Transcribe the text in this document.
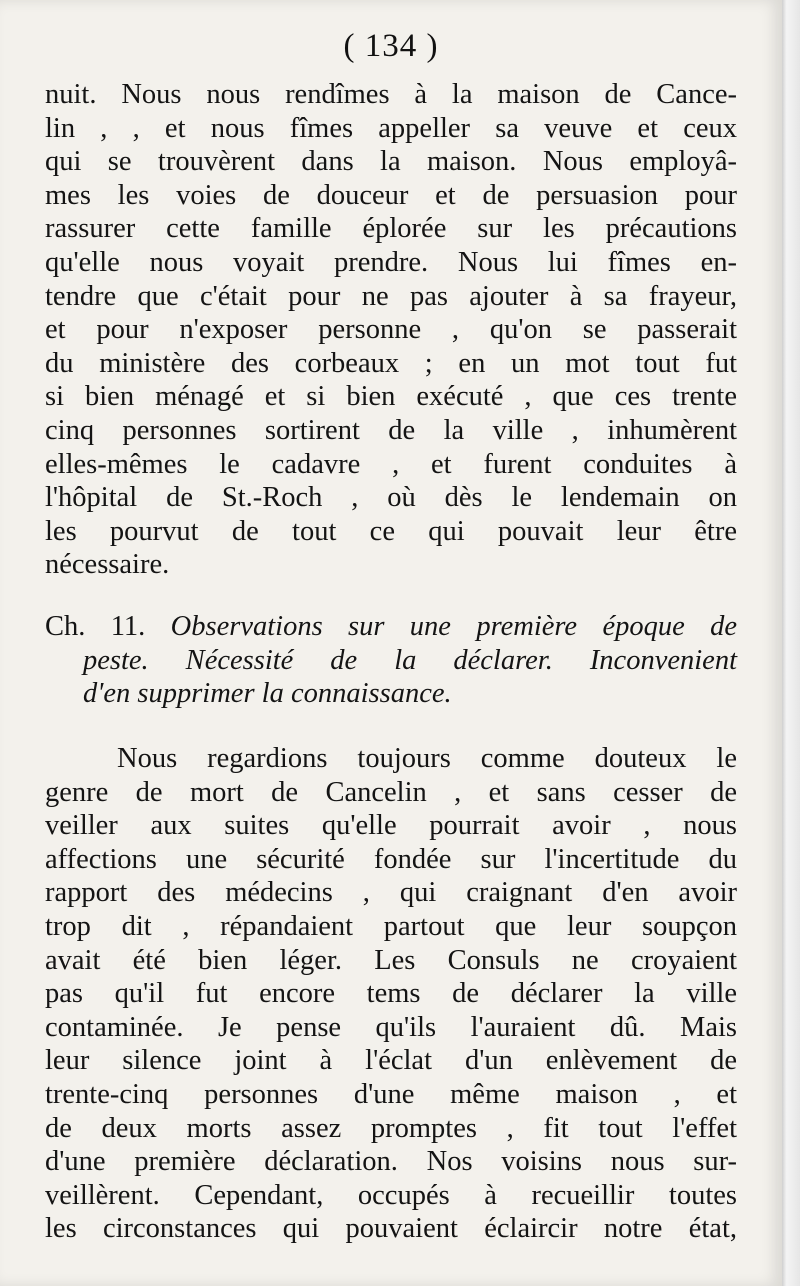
( 134 )
nuit. Nous nous rendîmes à la maison de Cance-
lin , , et nous fîmes appeller sa veuve et ceux
qui se trouvèrent dans la maison. Nous employâ-
mes les voies de douceur et de persuasion pour
rassurer cette famille éplorée sur les précautions
qu'elle nous voyait prendre. Nous lui fîmes en-
tendre que c'était pour ne pas ajouter à sa frayeur,
et pour n'exposer personne , qu'on se passerait
du ministère des corbeaux ; en un mot tout fut
si bien ménagé et si bien exécuté , que ces trente
cinq personnes sortirent de la ville , inhumèrent
elles-mêmes le cadavre , et furent conduites à
l'hôpital de St.-Roch , où dès le lendemain on
les pourvut de tout ce qui pouvait leur être
nécessaire.
Ch. 11. Observations sur une première époque de
peste. Nécessité de la déclarer. Inconvenient
d'en supprimer la connaissance.
Nous regardions toujours comme douteux le
genre de mort de Cancelin , et sans cesser de
veiller aux suites qu'elle pourrait avoir , nous
affections une sécurité fondée sur l'incertitude du
rapport des médecins , qui craignant d'en avoir
trop dit , répandaient partout que leur soupçon
avait été bien léger. Les Consuls ne croyaient
pas qu'il fut encore tems de déclarer la ville
contaminée. Je pense qu'ils l'auraient dû. Mais
leur silence joint à l'éclat d'un enlèvement de
trente-cinq personnes d'une même maison , et
de deux morts assez promptes , fit tout l'effet
d'une première déclaration. Nos voisins nous sur-
veillèrent. Cependant, occupés à recueillir toutes
les circonstances qui pouvaient éclaircir notre état,
